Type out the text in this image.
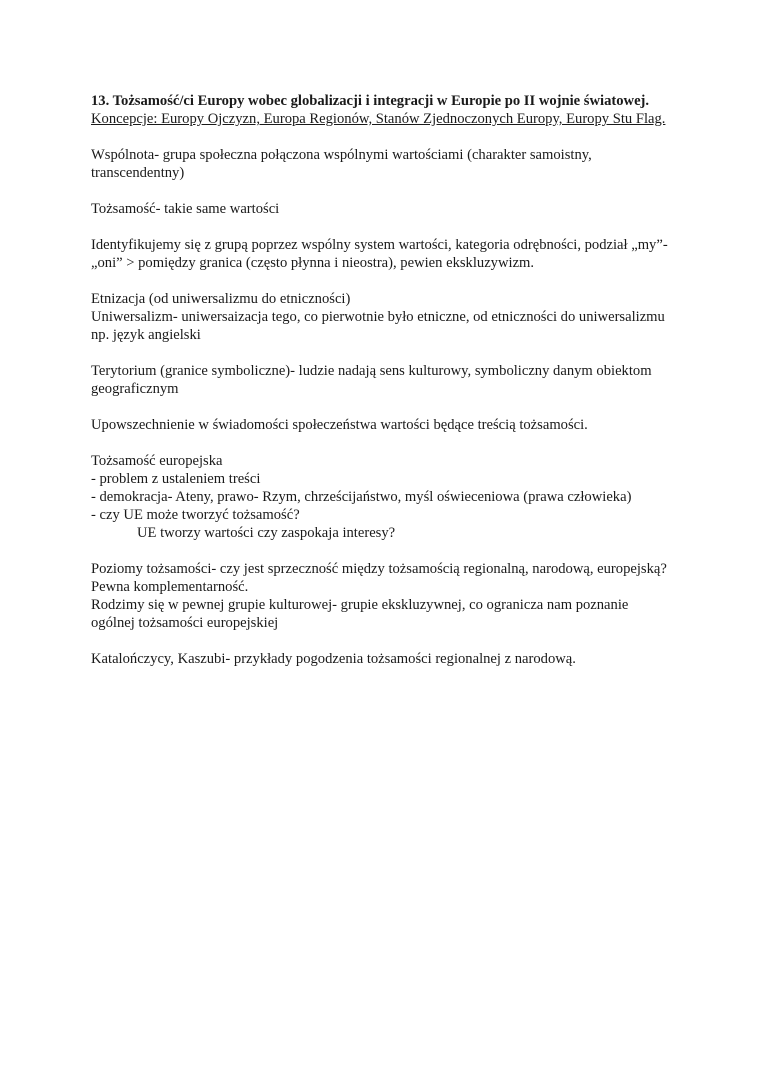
13. Tożsamość/ci Europy wobec globalizacji i integracji w Europie po II wojnie światowej.

Koncepcje: Europy Ojczyzn, Europa Regionów, Stanów Zjednoczonych Europy, Europy Stu Flag.

Wspólnota- grupa społeczna połączona wspólnymi wartościami (charakter samoistny, transcendentny)

Tożsamość- takie same wartości

Identyfikujemy się z grupą poprzez wspólny system wartości, kategoria odrębności, podział „my”-„oni” > pomiędzy granica (często płynna i nieostra), pewien ekskluzywizm.

Etnizacja (od uniwersalizmu do etniczności)

Uniwersalizm- uniwersaizacja tego, co pierwotnie było etniczne, od etniczności do uniwersalizmu np. język angielski

Terytorium (granice symboliczne)- ludzie nadają sens kulturowy, symboliczny danym obiektom geograficznym

Upowszechnienie w świadomości społeczeństwa wartości będące treścią tożsamości.

Tożsamość europejska

- problem z ustaleniem treści

- demokracja- Ateny, prawo- Rzym, chrześcijaństwo, myśl oświeceniowa (prawa człowieka)

- czy UE może tworzyć tożsamość?

UE tworzy wartości czy zaspokaja interesy?

Poziomy tożsamości- czy jest sprzeczność między tożsamością regionalną, narodową, europejską?

Pewna komplementarność.

Rodzimy się w pewnej grupie kulturowej- grupie ekskluzywnej, co ogranicza nam poznanie ogólnej tożsamości europejskiej

Katalończycy, Kaszubi- przykłady pogodzenia tożsamości regionalnej z narodową.
